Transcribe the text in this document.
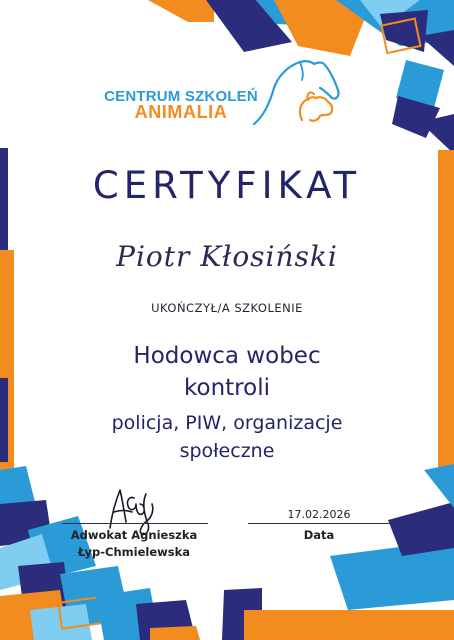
CENTRUM SZKOLEŃ
ANIMALIA
CERTYFIKAT
Piotr Kłosiński
UKOŃCZYŁ/A SZKOLENIE
Hodowca wobec
kontroli
policja, PIW, organizacje
społeczne
Adwokat Agnieszka
Łyp-Chmielewska
17.02.2026
Data
